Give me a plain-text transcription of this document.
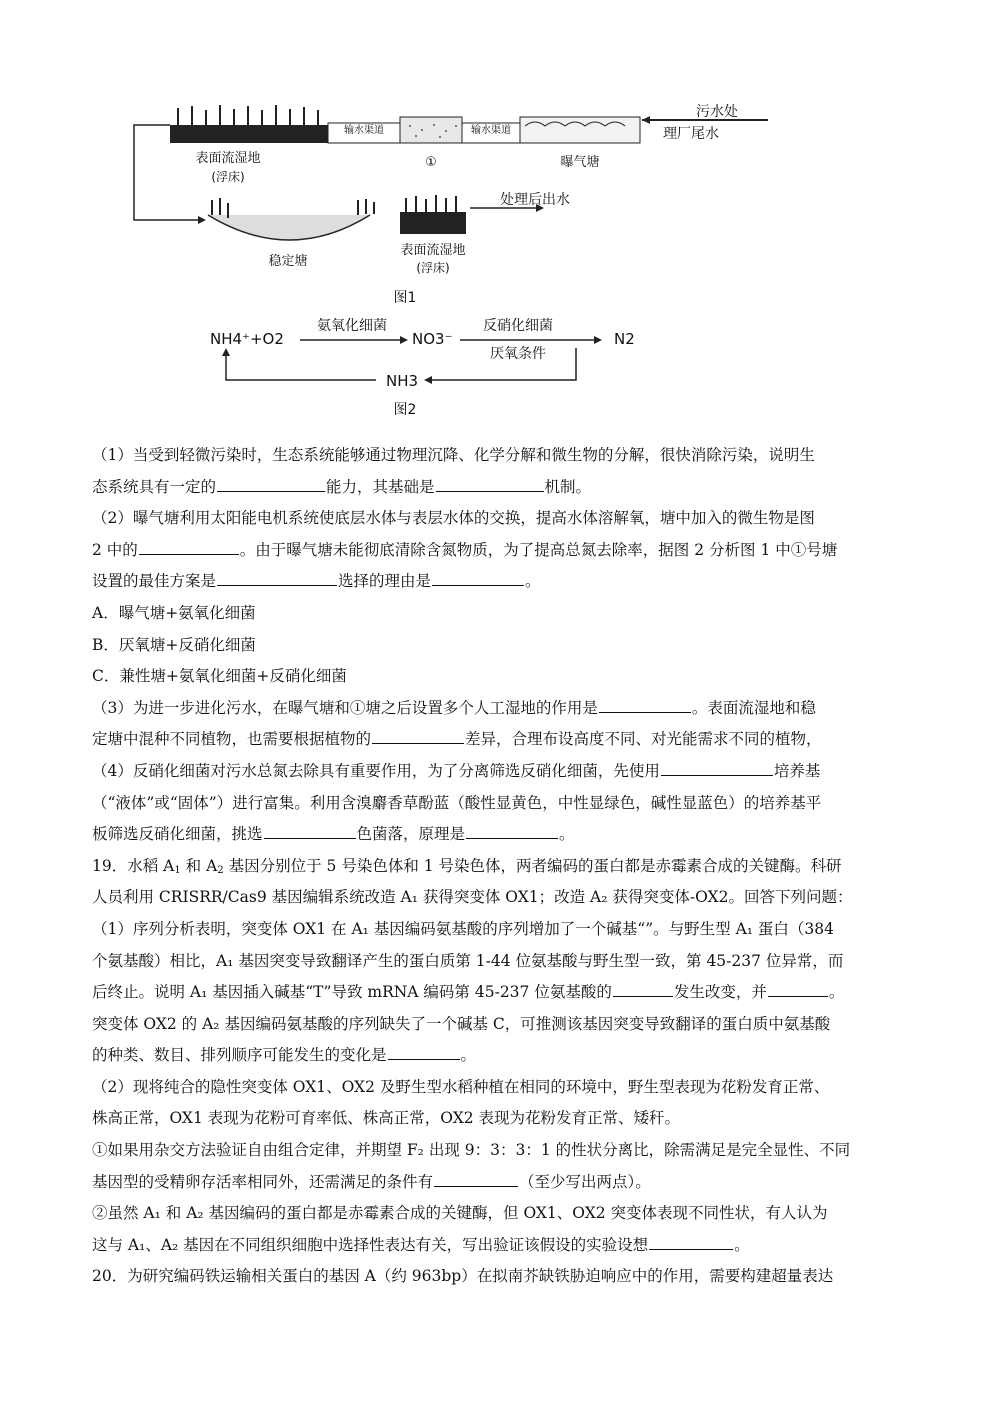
表面流湿地
(浮床)
输水渠道
①
输水渠道
曝气塘
污水处
理厂尾水
稳定塘
表面流湿地
(浮床)
处理后出水
图1
NH4⁺+O2
氨氧化细菌
NO3⁻
反硝化细菌
厌氧条件
N2
NH3
图2

（1）当受到轻微污染时，生态系统能够通过物理沉降、化学分解和微生物的分解，很快消除污染，说明生

态系统具有一定的	能力，其基础是	机制。

（2）曝气塘利用太阳能电机系统使底层水体与表层水体的交换，提高水体溶解氧，塘中加入的微生物是图

2 中的	。由于曝气塘未能彻底清除含氮物质，为了提高总氮去除率，据图 2 分析图 1 中①号塘

设置的最佳方案是	选择的理由是	。

A．曝气塘+氨氧化细菌

B．厌氧塘+反硝化细菌

C．兼性塘+氨氧化细菌+反硝化细菌

（3）为进一步进化污水，在曝气塘和①塘之后设置多个人工湿地的作用是	。表面流湿地和稳

定塘中混种不同植物，也需要根据植物的	差异，合理布设高度不同、对光能需求不同的植物，

（4）反硝化细菌对污水总氮去除具有重要作用，为了分离筛选反硝化细菌，先使用	培养基

（“液体”或“固体”）进行富集。利用含溴麝香草酚蓝（酸性显黄色，中性显绿色，碱性显蓝色）的培养基平

板筛选反硝化细菌，挑选	色菌落，原理是	。

19．水稻 $A_1$ 和 $A_2$ 基因分别位于 5 号染色体和 1 号染色体，两者编码的蛋白都是赤霉素合成的关键酶。科研

人员利用 CRISRR/Cas9 基因编辑系统改造 A₁ 获得突变体 OX1；改造 A₂ 获得突变体-OX2。回答下列问题：

（1）序列分析表明，突变体 OX1 在 A₁ 基因编码氨基酸的序列增加了一个碱基“”。与野生型 A₁ 蛋白（384

个氨基酸）相比，A₁ 基因突变导致翻译产生的蛋白质第 1-44 位氨基酸与野生型一致，第 45-237 位异常，而

后终止。说明 A₁ 基因插入碱基“T”导致 mRNA 编码第 45-237 位氨基酸的	发生改变，并	。

突变体 OX2 的 A₂ 基因编码氨基酸的序列缺失了一个碱基 C，可推测该基因突变导致翻译的蛋白质中氨基酸

的种类、数目、排列顺序可能发生的变化是	。

（2）现将纯合的隐性突变体 OX1、OX2 及野生型水稻种植在相同的环境中，野生型表现为花粉发育正常、

株高正常，OX1 表现为花粉可育率低、株高正常，OX2 表现为花粉发育正常、矮秆。

①如果用杂交方法验证自由组合定律，并期望 F₂ 出现 9：3：3：1 的性状分离比，除需满足是完全显性、不同

基因型的受精卵存活率相同外，还需满足的条件有	（至少写出两点）。

②虽然 A₁ 和 A₂ 基因编码的蛋白都是赤霉素合成的关键酶，但 OX1、OX2 突变体表现不同性状，有人认为

这与 A₁、A₂ 基因在不同组织细胞中选择性表达有关，写出验证该假设的实验设想	。

20．为研究编码铁运输相关蛋白的基因 A（约 963bp）在拟南芥缺铁胁迫响应中的作用，需要构建超量表达
